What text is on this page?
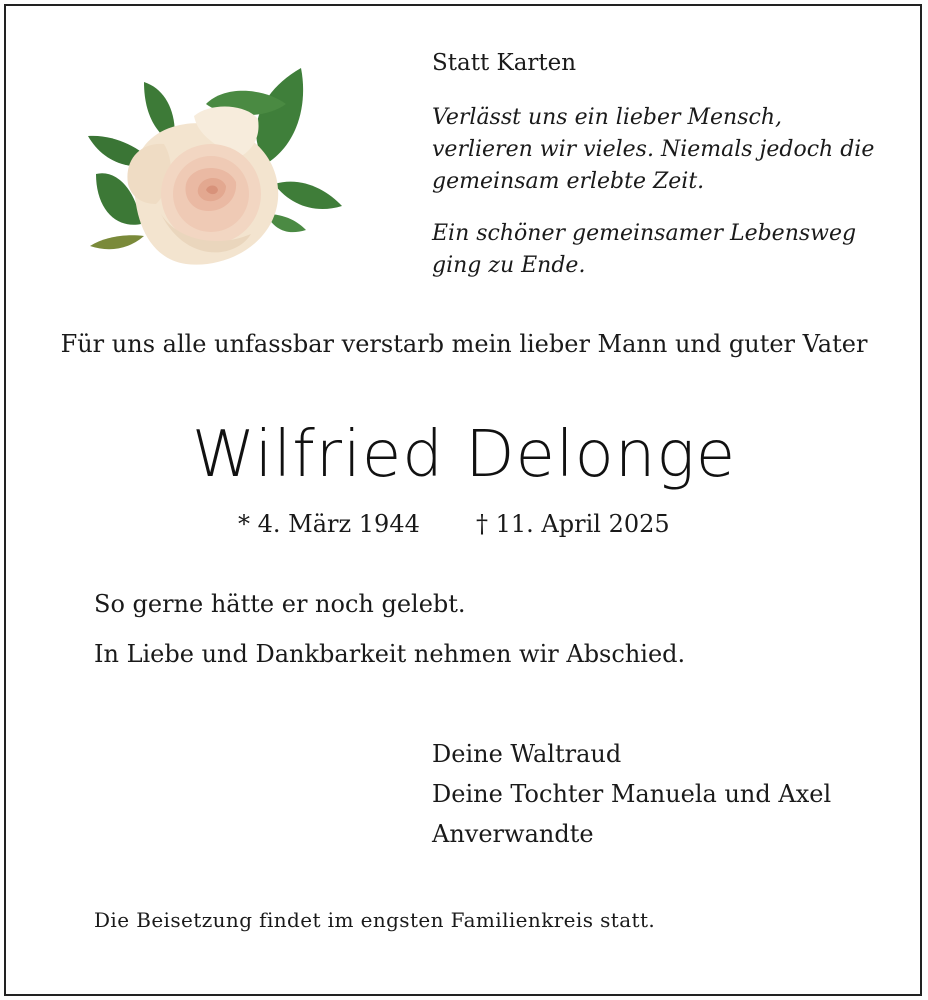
Statt Karten
Verlässt uns ein lieber Mensch,
verlieren wir vieles. Niemals jedoch die
gemeinsam erlebte Zeit.
Ein schöner gemeinsamer Lebensweg
ging zu Ende.
Für uns alle unfassbar verstarb mein lieber Mann und guter Vater
Wilfried Delonge
* 4. März 1944 † 11. April 2025
So gerne hätte er noch gelebt.
In Liebe und Dankbarkeit nehmen wir Abschied.
Deine Waltraud
Deine Tochter Manuela und Axel
Anverwandte
Die Beisetzung findet im engsten Familienkreis statt.
